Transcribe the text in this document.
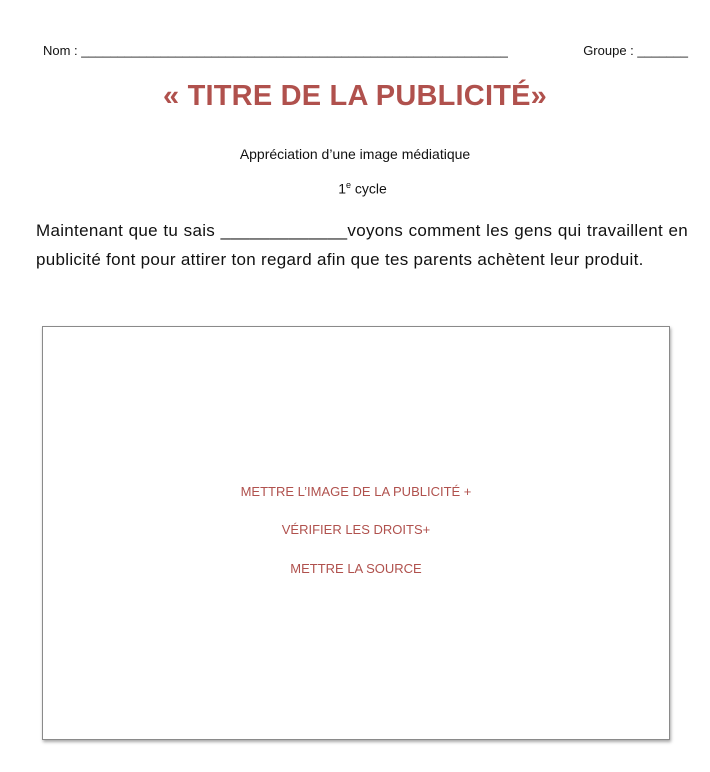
Nom : ___________________________________________________________	Groupe : _______
« TITRE DE LA PUBLICITÉ»
Appréciation d’une image médiatique
1e cycle
Maintenant que tu sais _____________voyons comment les gens qui travaillent en publicité font pour attirer ton regard afin que tes parents achètent leur produit.
METTRE L’IMAGE DE LA PUBLICITÉ +
VÉRIFIER LES DROITS+
METTRE LA SOURCE
